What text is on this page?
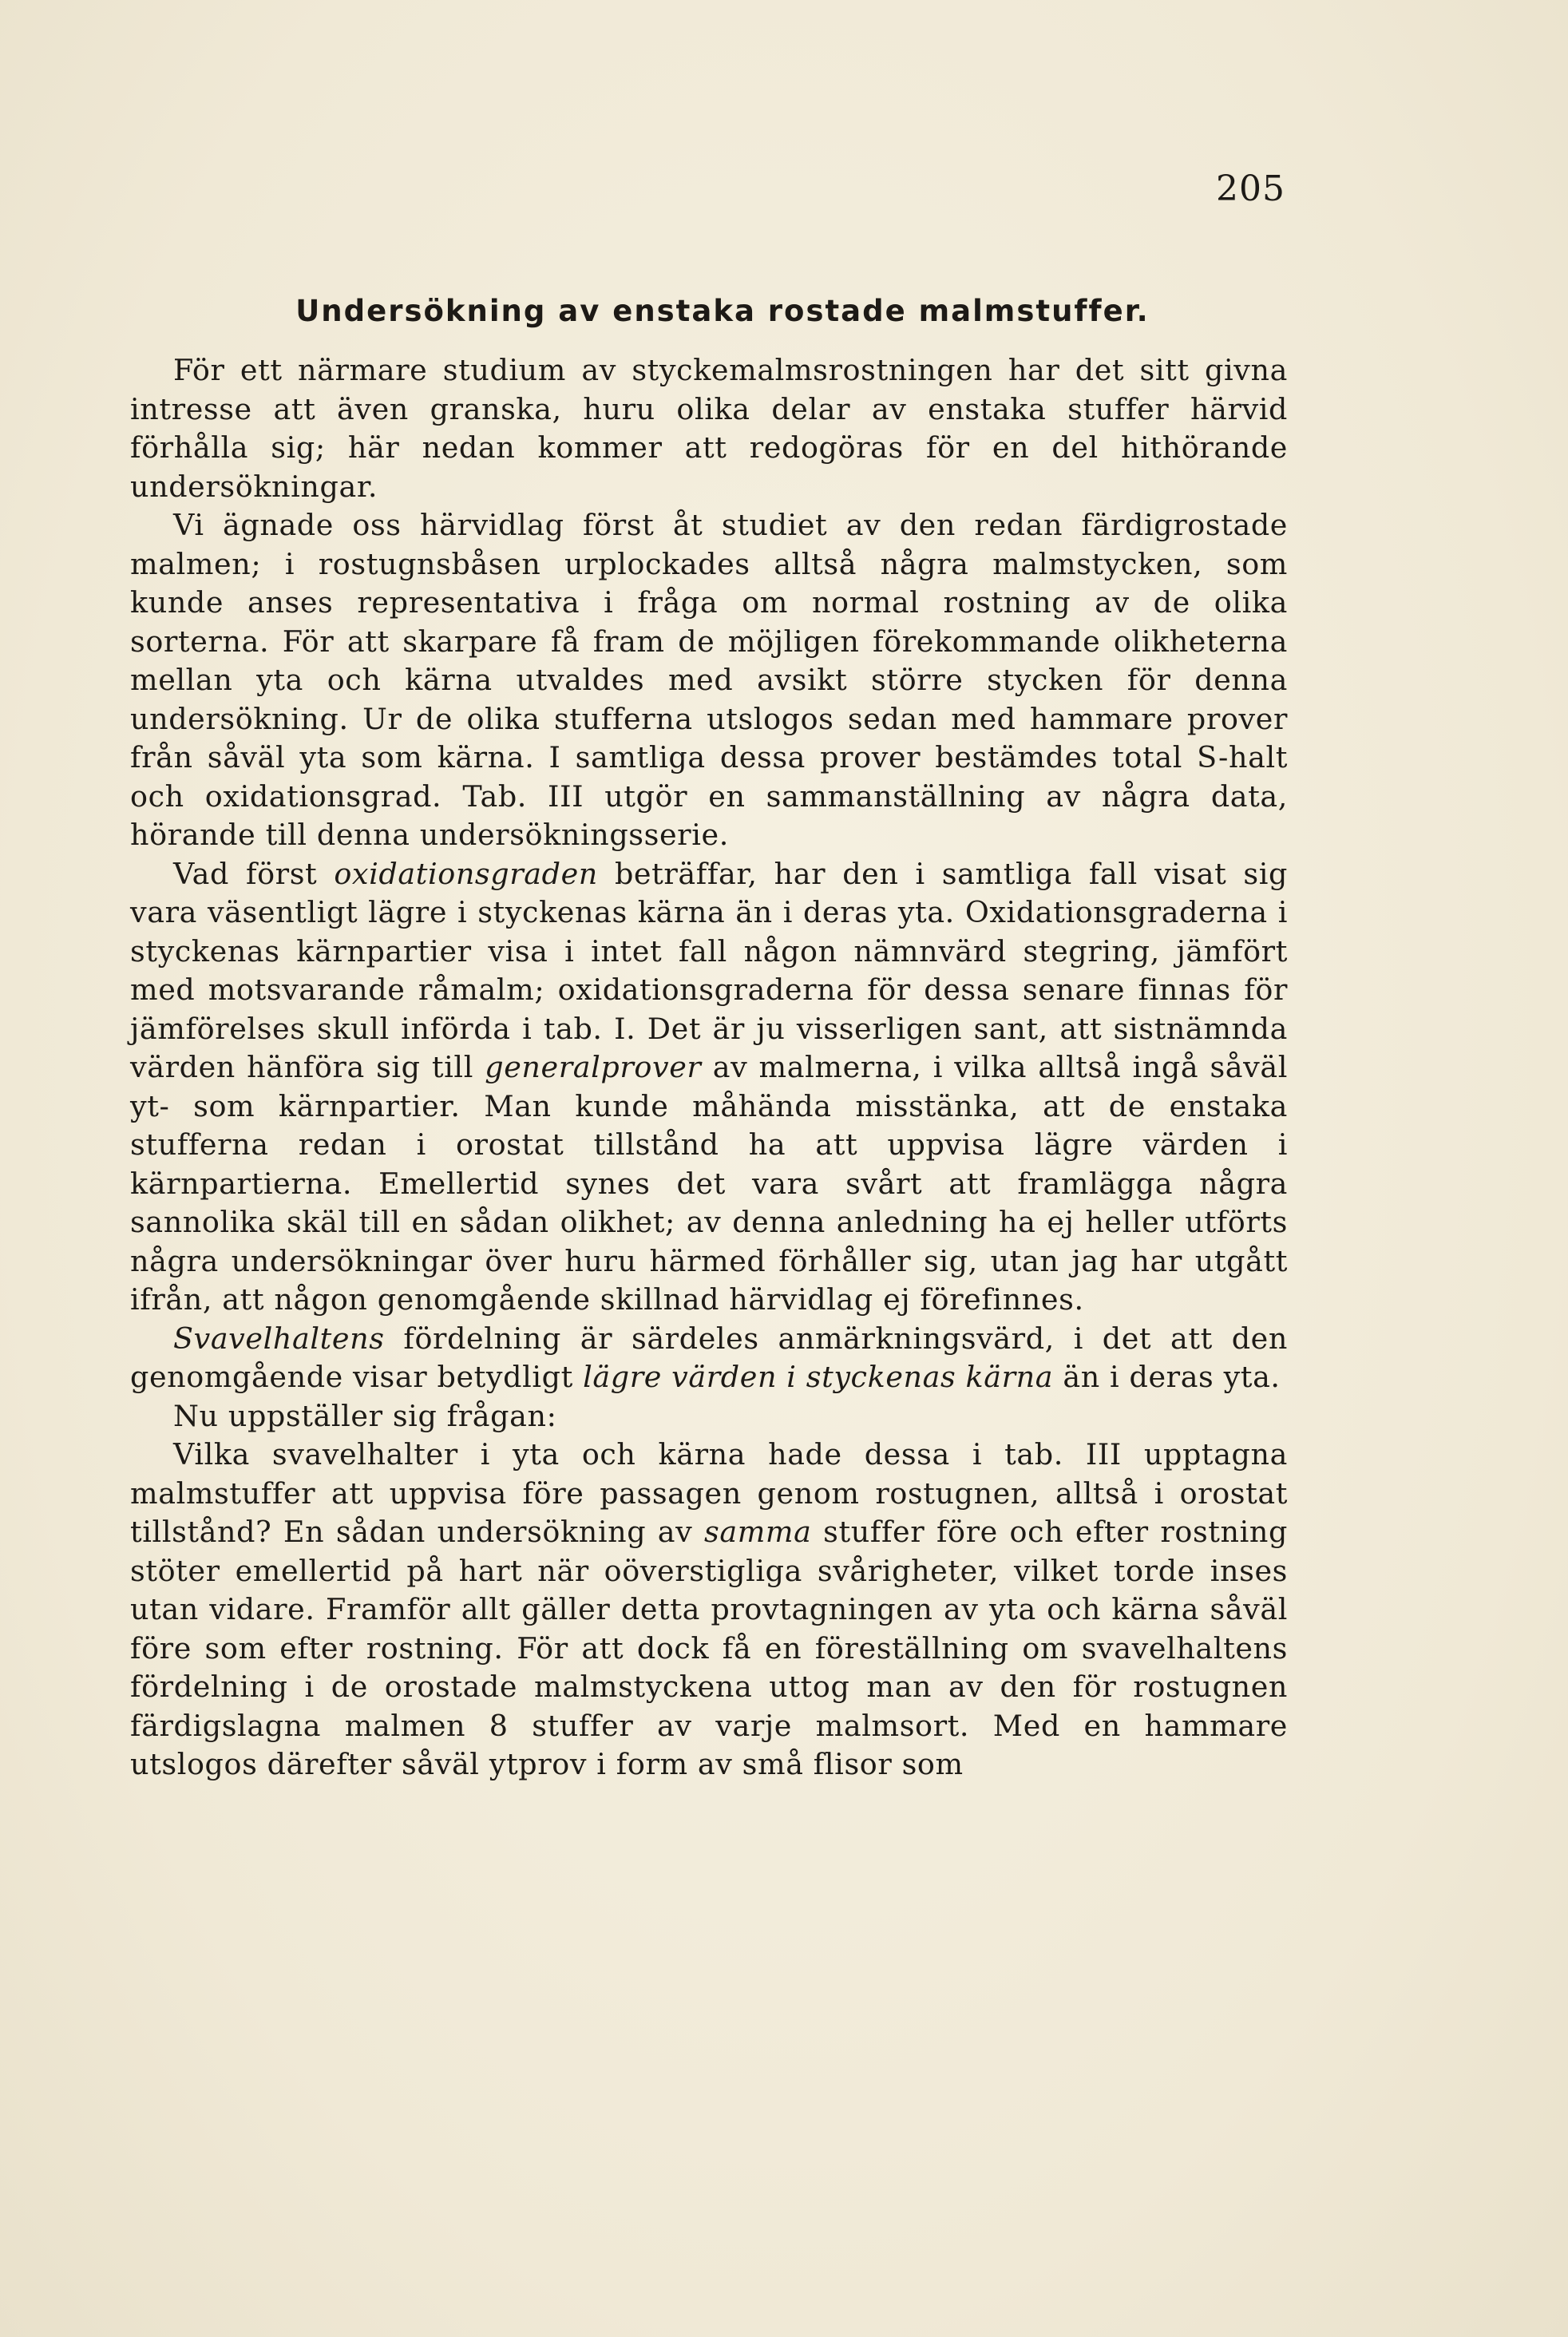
205
Undersökning av enstaka rostade malmstuffer.

För ett närmare studium av styckemalmsrostningen har det sitt givna intresse att även granska, huru olika delar av enstaka stuffer härvid förhålla sig; här nedan kommer att redogöras för en del hithörande undersökningar.

Vi ägnade oss härvidlag först åt studiet av den redan färdigrostade malmen; i rostugnsbåsen urplockades alltså några malmstycken, som kunde anses representativa i fråga om normal rostning av de olika sorterna. För att skarpare få fram de möjligen förekommande olikheterna mellan yta och kärna utvaldes med avsikt större stycken för denna undersökning. Ur de olika stufferna utslogos sedan med hammare prover från såväl yta som kärna. I samtliga dessa prover bestämdes total S-halt och oxidationsgrad. Tab. III utgör en sammanställning av några data, hörande till denna undersökningsserie.

Vad först oxidationsgraden beträffar, har den i samtliga fall visat sig vara väsentligt lägre i styckenas kärna än i deras yta. Oxidationsgraderna i styckenas kärnpartier visa i intet fall någon nämnvärd stegring, jämfört med motsvarande råmalm; oxidationsgraderna för dessa senare finnas för jämförelses skull införda i tab. I. Det är ju visserligen sant, att sistnämnda värden hänföra sig till generalprover av malmerna, i vilka alltså ingå såväl yt- som kärnpartier. Man kunde måhända misstänka, att de enstaka stufferna redan i orostat tillstånd ha att uppvisa lägre värden i kärnpartierna. Emellertid synes det vara svårt att framlägga några sannolika skäl till en sådan olikhet; av denna anledning ha ej heller utförts några undersökningar över huru härmed förhåller sig, utan jag har utgått ifrån, att någon genomgående skillnad härvidlag ej förefinnes.

Svavelhaltens fördelning är särdeles anmärkningsvärd, i det att den genomgående visar betydligt lägre värden i styckenas kärna än i deras yta.

Nu uppställer sig frågan:

Vilka svavelhalter i yta och kärna hade dessa i tab. III upptagna malmstuffer att uppvisa före passagen genom rostugnen, alltså i orostat tillstånd? En sådan undersökning av samma stuffer före och efter rostning stöter emellertid på hart när oöverstigliga svårigheter, vilket torde inses utan vidare. Framför allt gäller detta provtagningen av yta och kärna såväl före som efter rostning. För att dock få en föreställning om svavelhaltens fördelning i de orostade malmstyckena uttog man av den för rostugnen färdigslagna malmen 8 stuffer av varje malmsort. Med en hammare utslogos därefter såväl ytprov i form av små flisor som
